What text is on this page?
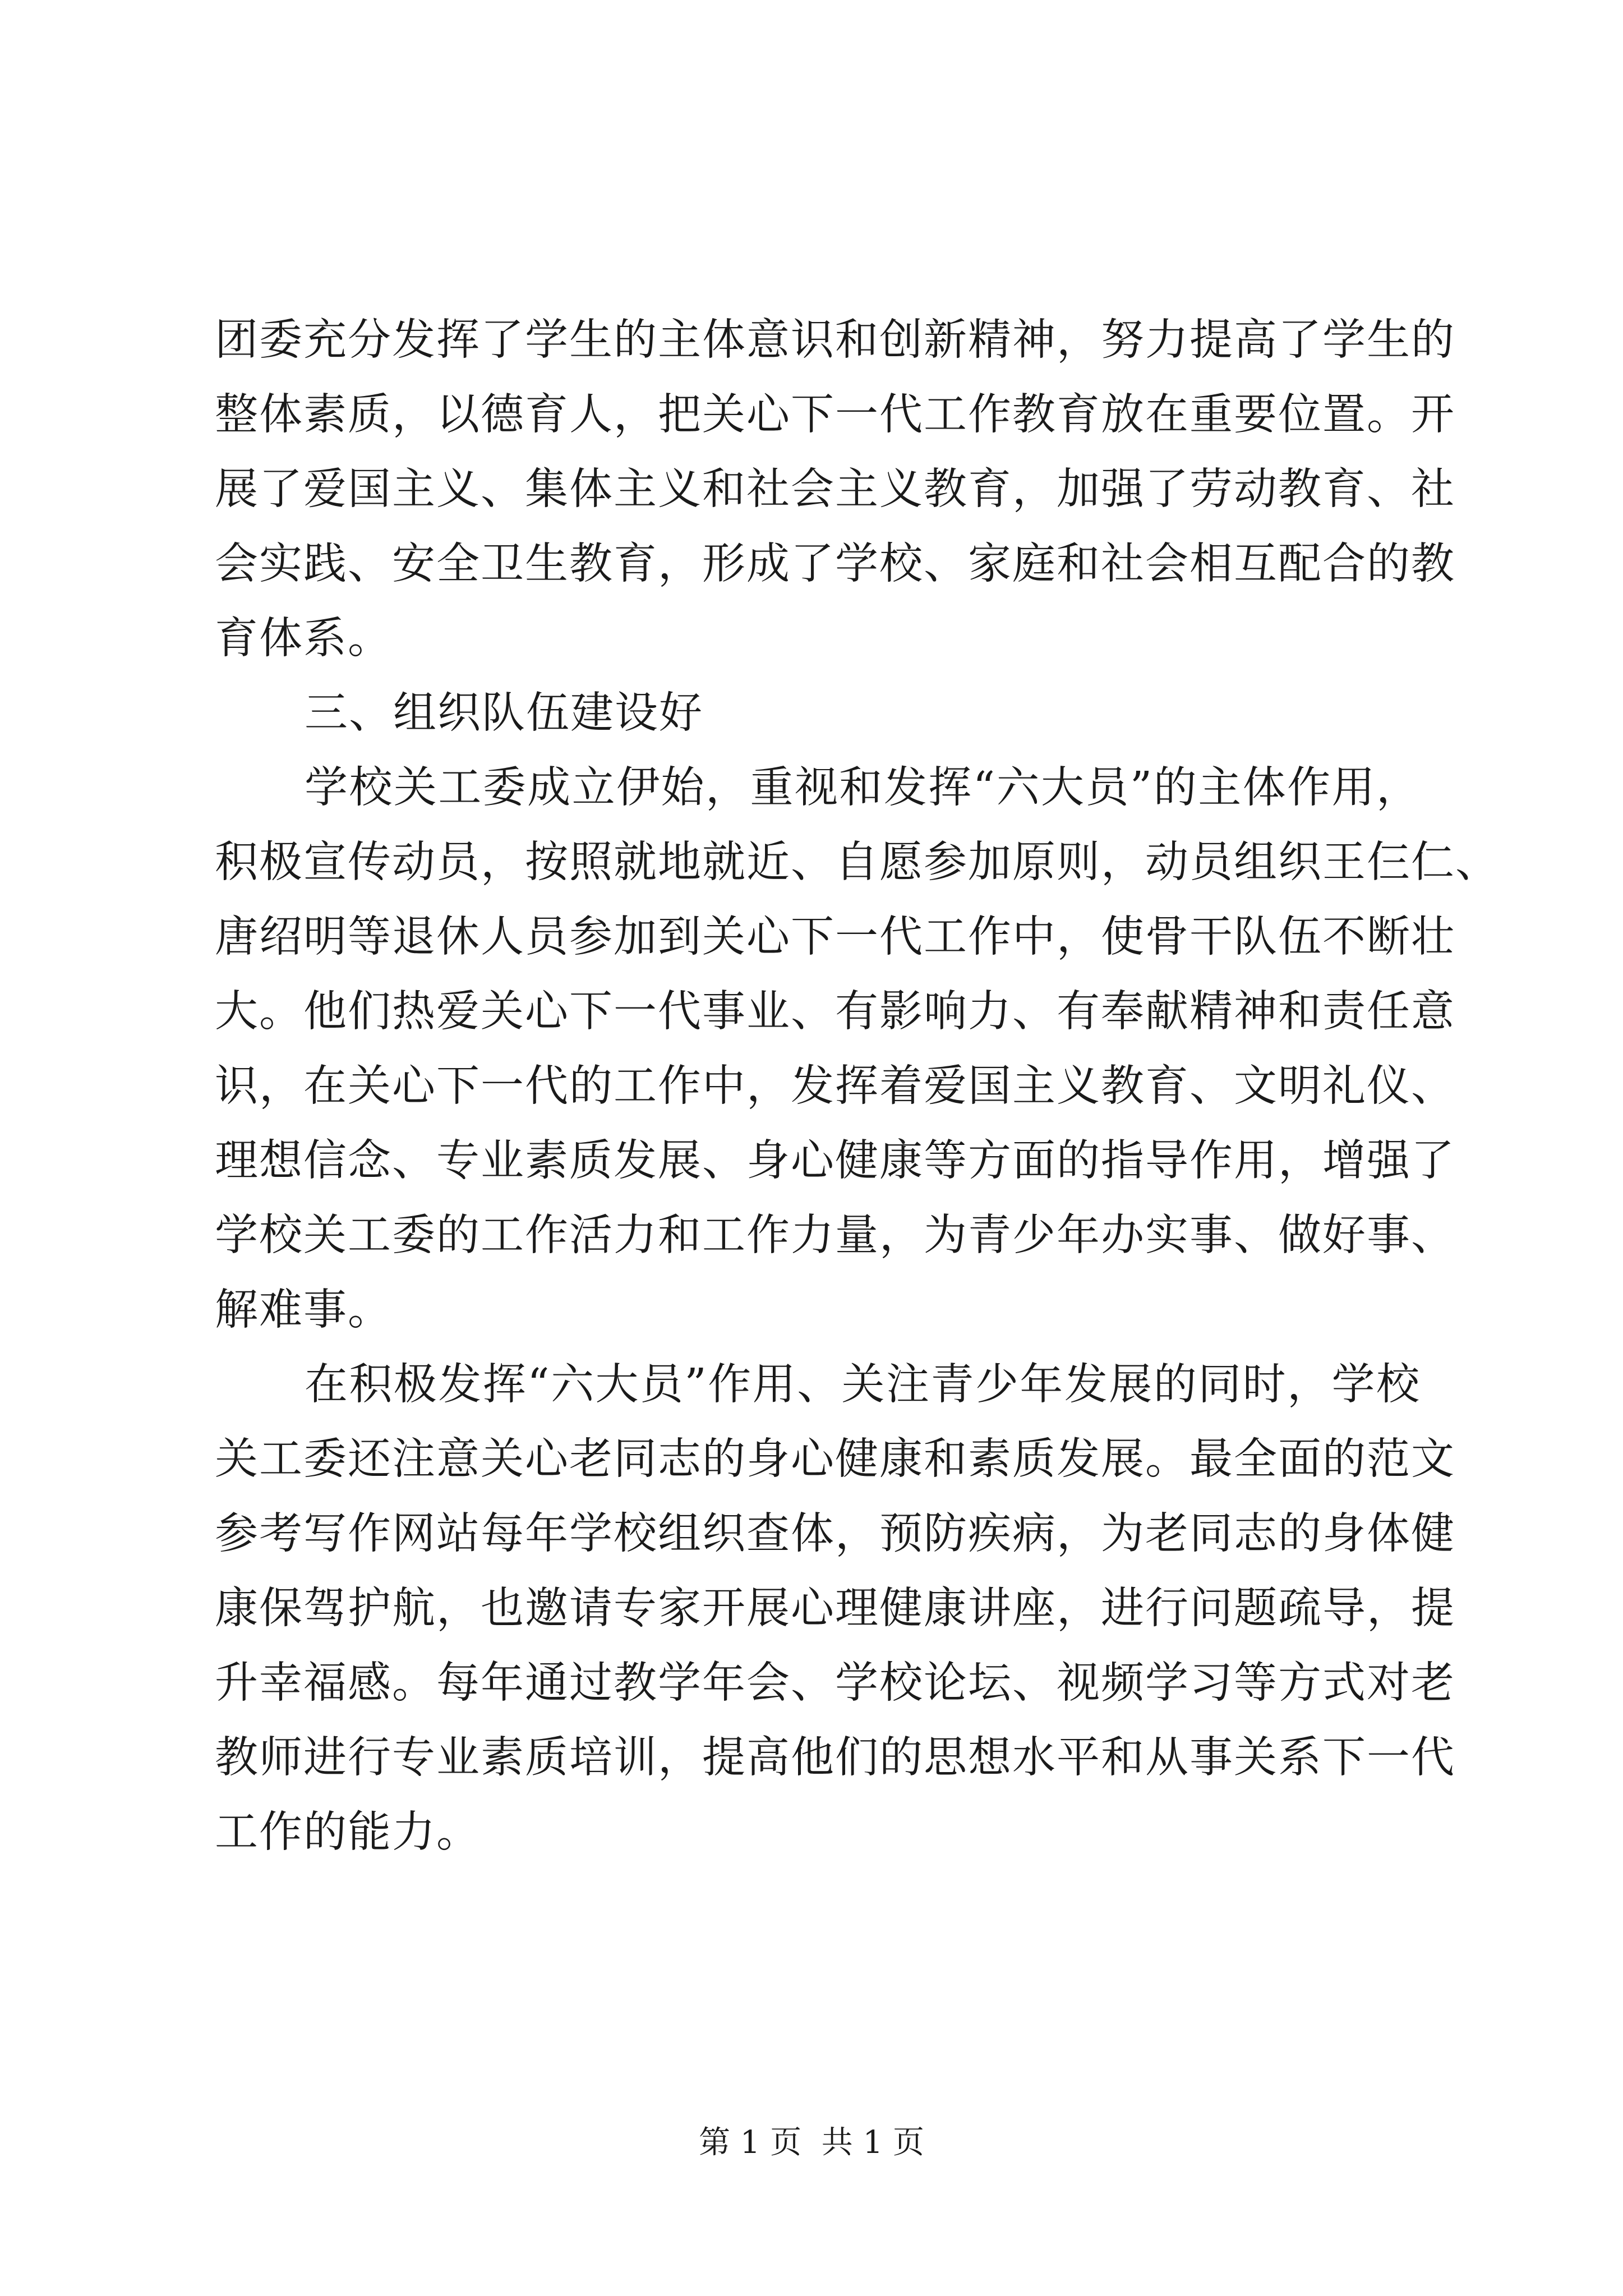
团委充分发挥了学生的主体意识和创新精神，努力提高了学生的
整体素质，以德育人，把关心下一代工作教育放在重要位置。开
展了爱国主义、集体主义和社会主义教育，加强了劳动教育、社
会实践、安全卫生教育，形成了学校、家庭和社会相互配合的教
育体系。
三、组织队伍建设好
学校关工委成立伊始，重视和发挥“六大员”的主体作用，
积极宣传动员，按照就地就近、自愿参加原则，动员组织王仨仁、
唐绍明等退休人员参加到关心下一代工作中，使骨干队伍不断壮
大。他们热爱关心下一代事业、有影响力、有奉献精神和责任意
识，在关心下一代的工作中，发挥着爱国主义教育、文明礼仪、
理想信念、专业素质发展、身心健康等方面的指导作用，增强了
学校关工委的工作活力和工作力量，为青少年办实事、做好事、
解难事。
在积极发挥“六大员”作用、关注青少年发展的同时，学校
关工委还注意关心老同志的身心健康和素质发展。最全面的范文
参考写作网站每年学校组织查体，预防疾病，为老同志的身体健
康保驾护航，也邀请专家开展心理健康讲座，进行问题疏导，提
升幸福感。每年通过教学年会、学校论坛、视频学习等方式对老
教师进行专业素质培训，提高他们的思想水平和从事关系下一代
工作的能力。
第 1 页  共 1 页
